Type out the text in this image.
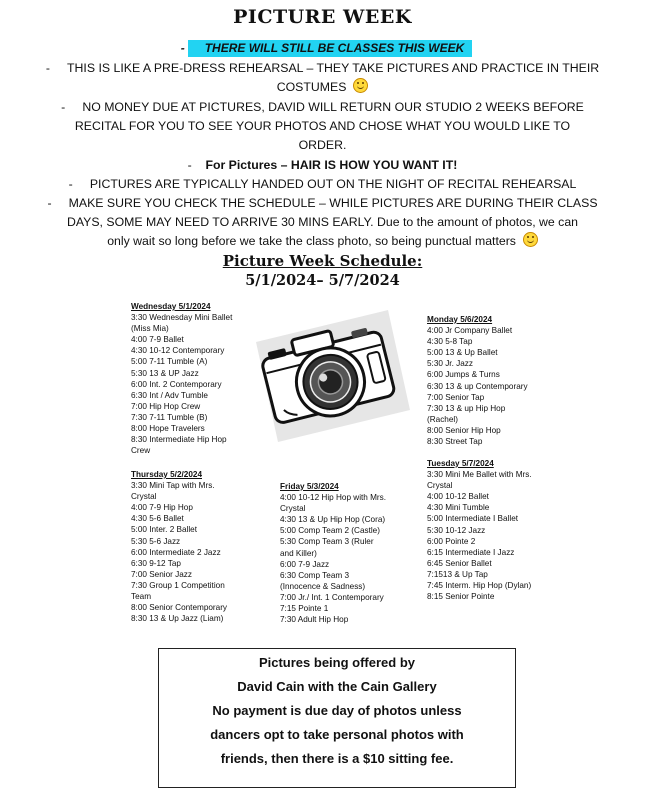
PICTURE WEEK
-      THERE WILL STILL BE CLASSES THIS WEEK
-     THIS IS LIKE A PRE-DRESS REHEARSAL – THEY TAKE PICTURES AND PRACTICE IN THEIR
COSTUMES
-     NO MONEY DUE AT PICTURES, DAVID WILL RETURN OUR STUDIO 2 WEEKS BEFORE
RECITAL FOR YOU TO SEE YOUR PHOTOS AND CHOSE WHAT YOU WOULD LIKE TO
ORDER.
-    For Pictures – HAIR IS HOW YOU WANT IT!
-     PICTURES ARE TYPICALLY HANDED OUT ON THE NIGHT OF RECITAL REHEARSAL
-     MAKE SURE YOU CHECK THE SCHEDULE – WHILE PICTURES ARE DURING THEIR CLASS
DAYS, SOME MAY NEED TO ARRIVE 30 MINS EARLY. Due to the amount of photos, we can
only wait so long before we take the class photo, so being punctual matters
Picture Week Schedule:
5/1/2024– 5/7/2024
Wednesday 5/1/2024
3:30 Wednesday Mini Ballet
(Miss Mia)
4:00 7-9 Ballet
4:30 10-12 Contemporary
5:00 7-11 Tumble (A)
5:30 13 & UP Jazz
6:00 Int. 2 Contemporary
6:30 Int / Adv Tumble
7:00 Hip Hop Crew
7:30 7-11 Tumble (B)
8:00 Hope Travelers
8:30 Intermediate Hip Hop
Crew
Thursday 5/2/2024
3:30 Mini Tap with Mrs.
Crystal
4:00 7-9 Hip Hop
4:30 5-6 Ballet
5:00 Inter. 2 Ballet
5:30 5-6 Jazz
6:00 Intermediate 2 Jazz
6:30 9-12 Tap
7:00 Senior Jazz
7:30 Group 1 Competition
Team
8:00 Senior Contemporary
8:30 13 & Up Jazz (Liam)
Friday 5/3/2024
4:00 10-12 Hip Hop with Mrs.
Crystal
4:30 13 & Up Hip Hop (Cora)
5:00 Comp Team 2 (Castle)
5:30 Comp Team 3 (Ruler
and Killer)
6:00 7-9 Jazz
6:30 Comp Team 3
(Innocence & Sadness)
7:00 Jr./ Int. 1 Contemporary
7:15 Pointe 1
7:30 Adult Hip Hop
Monday 5/6/2024
4:00 Jr Company Ballet
4:30 5-8 Tap
5:00 13 & Up Ballet
5:30 Jr. Jazz
6:00 Jumps & Turns
6:30 13 & up Contemporary
7:00 Senior Tap
7:30 13 & up Hip Hop
(Rachel)
8:00 Senior Hip Hop
8:30 Street Tap
Tuesday 5/7/2024
3:30 Mini Me Ballet with Mrs.
Crystal
4:00 10-12 Ballet
4:30 Mini Tumble
5:00 Intermediate I Ballet
5:30 10-12 Jazz
6:00 Pointe 2
6:15 Intermediate I Jazz
6:45 Senior Ballet
7:1513 & Up Tap
7:45 Interm. Hip Hop (Dylan)
8:15 Senior Pointe
Pictures being offered by
David Cain with the Cain Gallery
No payment is due day of photos unless
dancers opt to take personal photos with
friends, then there is a $10 sitting fee.
